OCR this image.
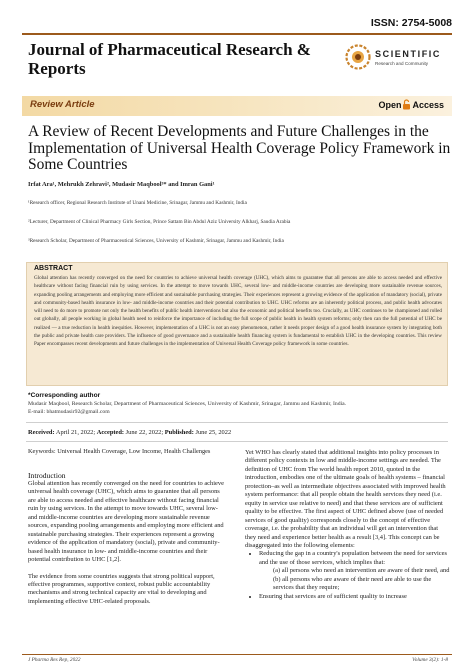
ISSN: 2754-5008
Journal of Pharmaceutical Research & Reports
SCIENTIFIC
Research and Community
Review Article	Open Access
A Review of Recent Developments and Future Challenges in the Implementation of Universal Health Coverage Policy Framework in Some Countries
Irfat Ara¹, Mehrukh Zehravi², Mudasir Maqbool³* and Imran Gani¹
¹Research officer, Regional Research Institute of Unani Medicine, Srinagar, Jammu and Kashmir, India
²Lecturer, Department of Clinical Pharmacy Girls Section, Prince Sattam Bin Abdul Aziz University Alkharj, Saudia Arabia
³Research Scholar, Department of Pharmaceutical Sciences, University of Kashmir, Srinagar, Jammu and Kashmir, India
ABSTRACT
Global attention has recently converged on the need for countries to achieve universal health coverage (UHC), which aims to guarantee that all persons are able to access needed and effective healthcare without facing financial ruin by using services. In the attempt to move towards UHC, several low- and middle-income countries are developing more sustainable revenue sources, expanding pooling arrangements and employing more efficient and sustainable purchasing strategies. Their experiences represent a growing evidence of the application of mandatory (social), private and community-based health insurance in low- and middle-income countries and their potential contribution to UHC. UHC reforms are an inherently political process, and public health advocates will need to do more to promote not only the health benefits of public health interventions but also the economic and political benefits too. Crucially, as UHC continues to be championed and rolled out globally, all people working in global health need to reinforce the importance of including the full scope of public health in health system reforms; only then can the full potential of UHC be realized — a true reduction in health inequities. However, implementation of a UHC is not an easy phenomenon, rather it needs proper design of a good health insurance system by integrating both the public and private health care providers. The influence of good governance and a sustainable health financing system is fundamental to establish UHC in the developing countries. This review Paper encompasses recent developments and future challenges in the implementation of Universal Health Coverage policy framework in some countries.
*Corresponding author
Mudasir Maqbool, Research Scholar, Department of Pharmaceutical Sciences, University of Kashmir, Srinagar, Jammu and Kashmir, India.
E-mail: bhatmudasir92@gmail.com
Received: April 21, 2022; Accepted: June 22, 2022; Published: June 25, 2022
Keywords: Universal Health Coverage, Low Income, Health Challenges
Introduction

Global attention has recently converged on the need for countries to achieve universal health coverage (UHC), which aims to guarantee that all persons are able to access needed and effective healthcare without facing financial ruin by using services. In the attempt to move towards UHC, several low- and middle-income countries are developing more sustainable revenue sources, expanding pooling arrangements and employing more efficient and sustainable purchasing strategies. Their experiences represent a growing evidence of the application of mandatory (social), private and community-based health insurance in low- and middle-income countries and their potential contribution to UHC [1,2].

The evidence from some countries suggests that strong political support, effective programmes, supportive context, robust public accountability mechanisms and strong technical capacity are vital to developing and implementing effective UHC-related proposals.

Yet WHO has clearly stated that additional insights into policy processes in different policy contexts in low and middle-income settings are needed. The definition of UHC from The world health report 2010, quoted in the introduction, embodies one of the ultimate goals of health systems – financial protection–as well as intermediate objectives associated with improved health system performance: that all people obtain the health services they need (i.e. equity in service use relative to need) and that these services are of sufficient quality to be effective. The first aspect of UHC defined above (use of needed services of good quality) corresponds closely to the concept of effective coverage, i.e. the probability that an individual will get an intervention that they need and experience better health as a result [3,4]. This concept can be disaggregated into the following elements:

• Reducing the gap in a country's population between the need for services and the use of those services, which implies that:
(a) all persons who need an intervention are aware of their need, and (b) all persons who are aware of their need are able to use the services that they require;
• Ensuring that services are of sufficient quality to increase
J Pharma Res Rep, 2022	Volume 3(2): 1-8
